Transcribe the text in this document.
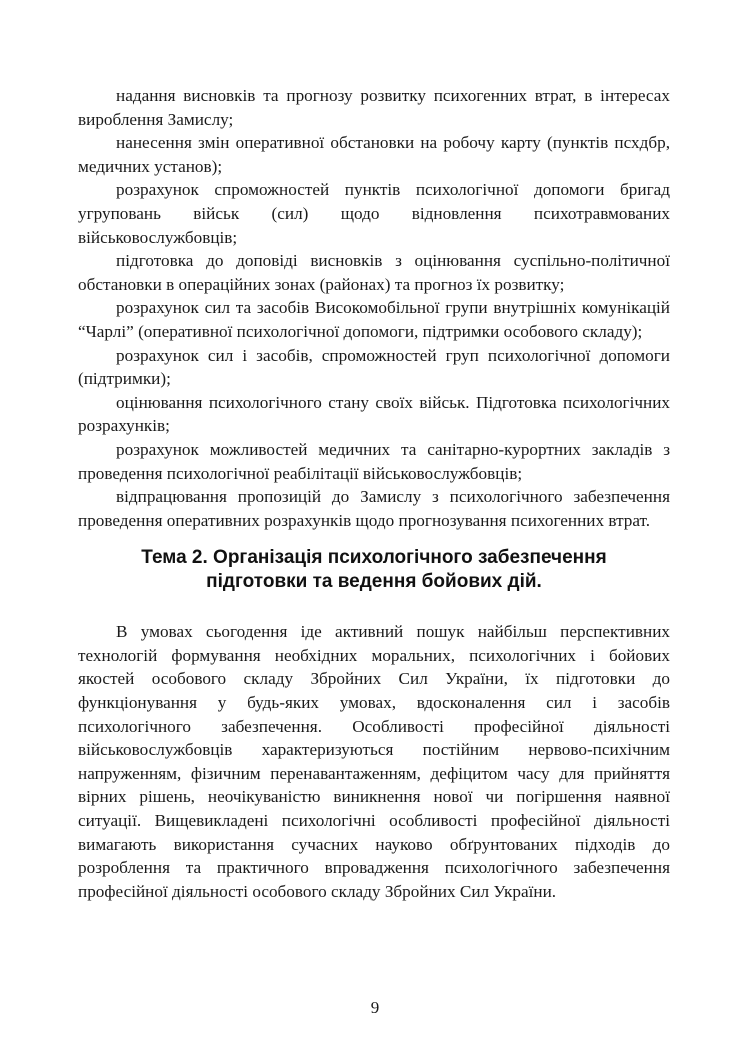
надання висновків та прогнозу розвитку психогенних втрат, в інтересах вироблення Замислу;

нанесення змін оперативної обстановки на робочу карту (пунктів псхдбр, медичних установ);

розрахунок спроможностей пунктів психологічної допомоги бригад угруповань військ (сил) щодо відновлення психотравмованих військовослужбовців;

підготовка до доповіді висновків з оцінювання суспільно-політичної обстановки в операційних зонах (районах) та прогноз їх розвитку;

розрахунок сил та засобів Високомобільної групи внутрішніх комунікацій “Чарлі” (оперативної психологічної допомоги, підтримки особового складу);

розрахунок сил і засобів, спроможностей груп психологічної допомоги (підтримки);

оцінювання психологічного стану своїх військ. Підготовка психологічних розрахунків;

розрахунок можливостей медичних та санітарно-курортних закладів з проведення психологічної реабілітації військовослужбовців;

відпрацювання пропозицій до Замислу з психологічного забезпечення проведення оперативних розрахунків щодо прогнозування психогенних втрат.

Тема 2. Організація психологічного забезпечення
підготовки та ведення бойових дій.

В умовах сьогодення іде активний пошук найбільш перспективних технологій формування необхідних моральних, психологічних і бойових якостей особового складу Збройних Сил України, їх підготовки до функціонування у будь-яких умовах, вдосконалення сил і засобів психологічного забезпечення. Особливості професійної діяльності військовослужбовців характеризуються постійним нервово-психічним напруженням, фізичним перенавантаженням, дефіцитом часу для прийняття вірних рішень, неочікуваністю виникнення нової чи погіршення наявної ситуації. Вищевикладені психологічні особливості професійної діяльності вимагають використання сучасних науково обґрунтованих підходів до розроблення та практичного впровадження психологічного забезпечення професійної діяльності особового складу Збройних Сил України.

9
